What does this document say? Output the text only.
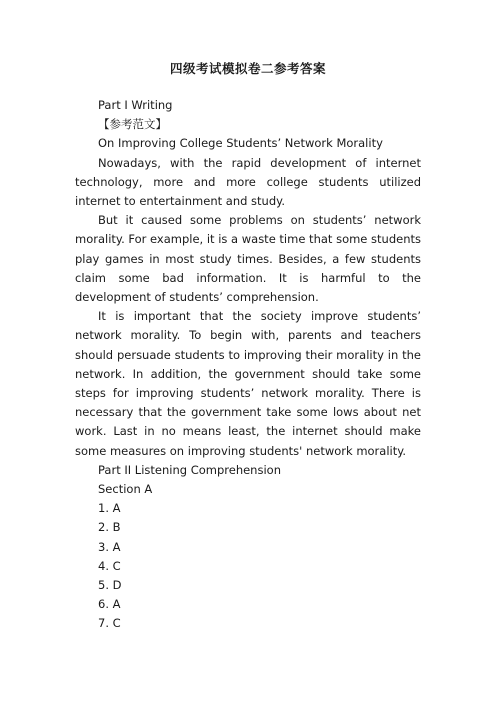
四级考试模拟卷二参考答案
Part I Writing
【参考范文】
On Improving College Students’ Network Morality

Nowadays, with the rapid development of internet technology, more and more college students utilized internet to entertainment and study.

But it caused some problems on students’ network morality. For example, it is a waste time that some students play games in most study times. Besides, a few students claim some bad information. It is harmful to the development of students’ comprehension.

It is important that the society improve students’ network morality. To begin with, parents and teachers should persuade students to improving their morality in the network. In addition, the government should take some steps for improving students’ network morality. There is necessary that the government take some lows about net work. Last in no means least, the internet should make some measures on improving students' network morality.

Part II Listening Comprehension
Section A
1. A
2. B
3. A
4. C
5. D
6. A
7. C
